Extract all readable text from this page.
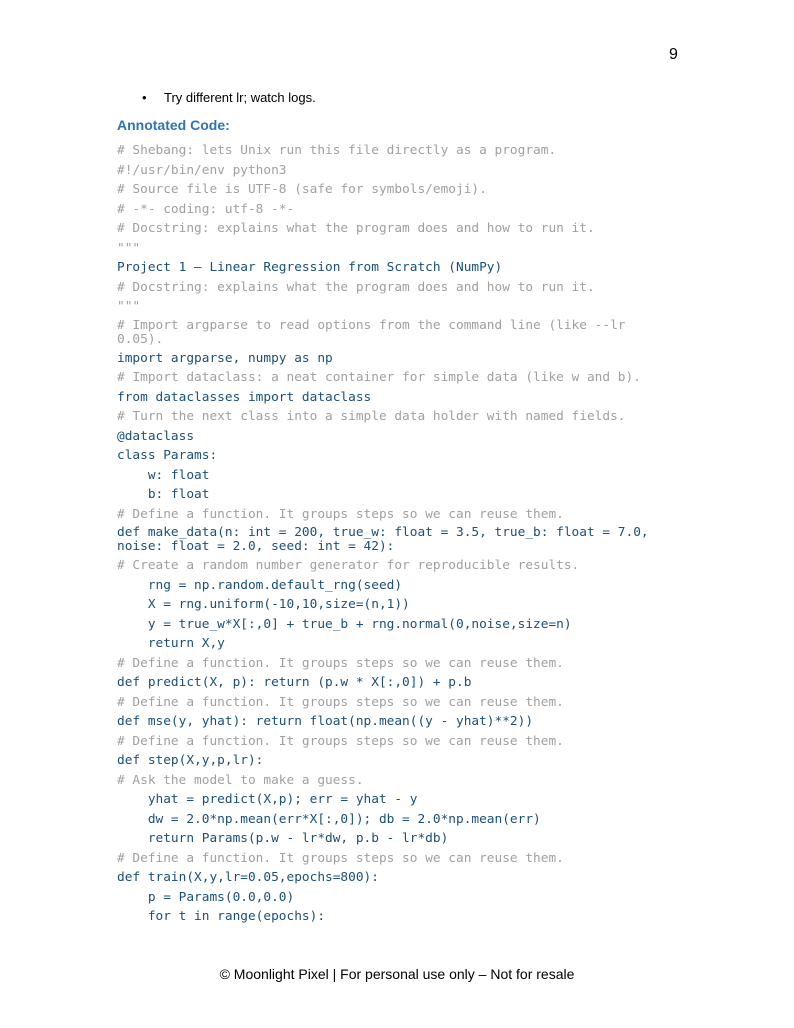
9
•	Try different lr; watch logs.
Annotated Code:
# Shebang: lets Unix run this file directly as a program.
#!/usr/bin/env python3
# Source file is UTF-8 (safe for symbols/emoji).
# -*- coding: utf-8 -*-
# Docstring: explains what the program does and how to run it.
"""
Project 1 – Linear Regression from Scratch (NumPy)
# Docstring: explains what the program does and how to run it.
"""
# Import argparse to read options from the command line (like --lr 0.05).
import argparse, numpy as np
# Import dataclass: a neat container for simple data (like w and b).
from dataclasses import dataclass
# Turn the next class into a simple data holder with named fields.
@dataclass
class Params:
w: float
b: float
# Define a function. It groups steps so we can reuse them.
def make_data(n: int = 200, true_w: float = 3.5, true_b: float = 7.0, noise: float = 2.0, seed: int = 42):
# Create a random number generator for reproducible results.
rng = np.random.default_rng(seed)
X = rng.uniform(-10,10,size=(n,1))
y = true_w*X[:,0] + true_b + rng.normal(0,noise,size=n)
return X,y
# Define a function. It groups steps so we can reuse them.
def predict(X, p): return (p.w * X[:,0]) + p.b
# Define a function. It groups steps so we can reuse them.
def mse(y, yhat): return float(np.mean((y - yhat)**2))
# Define a function. It groups steps so we can reuse them.
def step(X,y,p,lr):
# Ask the model to make a guess.
yhat = predict(X,p); err = yhat - y
dw = 2.0*np.mean(err*X[:,0]); db = 2.0*np.mean(err)
return Params(p.w - lr*dw, p.b - lr*db)
# Define a function. It groups steps so we can reuse them.
def train(X,y,lr=0.05,epochs=800):
p = Params(0.0,0.0)
for t in range(epochs):
© Moonlight Pixel | For personal use only – Not for resale
